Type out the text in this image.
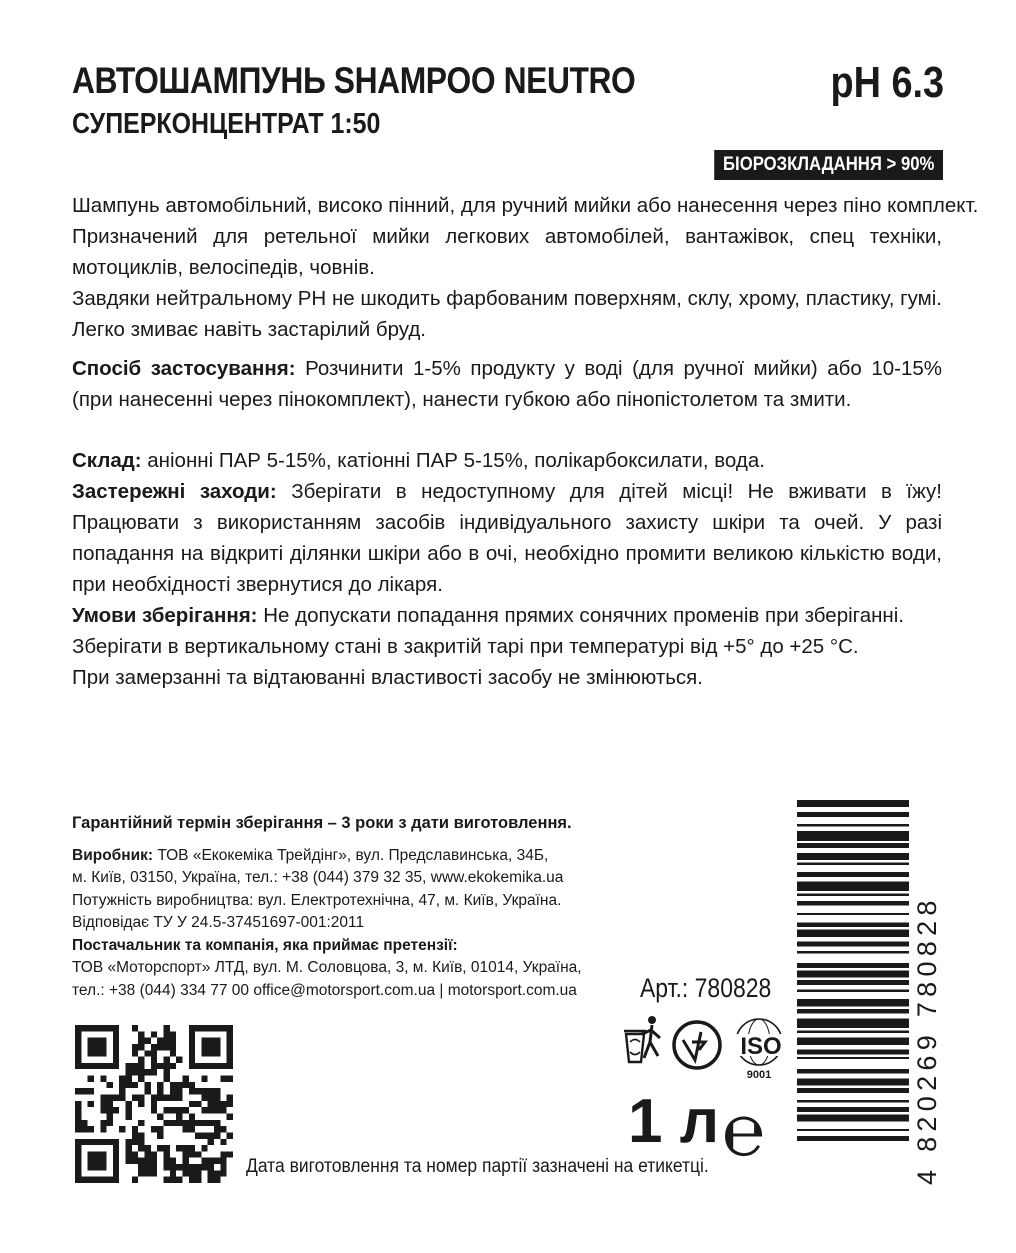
АВТОШАМПУНЬ SHAMPOO NEUTRO
СУПЕРКОНЦЕНТРАТ 1:50
pH 6.3
БІОРОЗКЛАДАННЯ > 90%

Шампунь автомобільний, високо пінний, для ручний мийки або нанесення через піно комплект.

Призначений для ретельної мийки легкових автомобілей, вантажівок, спец техніки, мотоциклів, велосіпедів, човнів.

Завдяки нейтральному PH не шкодить фарбованим поверхням, склу, хрому, пластику, гумі. Легко змиває навіть застарілий бруд.

Спосіб застосування: Розчинити 1-5% продукту у воді (для ручної мийки) або 10-15% (при нанесенні через пінокомплект), нанести губкою або пінопістолетом та змити.

Склад: аніонні ПАР 5-15%, катіонні ПАР 5-15%, полікарбоксилати, вода.

Застережні заходи: Зберігати в недоступному для дітей місці! Не вживати в їжу! Працювати з використанням засобів індивідуального захисту шкіри та очей. У разі попадання на відкриті ділянки шкіри або в очі, необхідно промити великою кількістю води, при необхідності звернутися до лікаря.

Умови зберігання: Не допускати попадання прямих сонячних променів при зберіганні.

Зберігати в вертикальному стані в закритій тарі при температурі від +5° до +25 °C.

При замерзанні та відтаюванні властивості засобу не змінюються.

Гарантійний термін зберігання – 3 роки з дати виготовлення.

Виробник: ТОВ «Екокеміка Трейдінг», вул. Предславинська, 34Б,

м. Київ, 03150, Україна, тел.: +38 (044) 379 32 35, www.ekokemika.ua

Потужність виробництва: вул. Електротехнічна, 47, м. Київ, Україна.

Відповідає ТУ У 24.5-37451697-001:2011

Постачальник та компанія, яка приймає претензії:

ТОВ «Моторспорт» ЛТД, вул. М. Соловцова, 3, м. Київ, 01014, Україна,

тел.: +38 (044) 334 77 00 office@motorsport.com.ua | motorsport.com.ua	Арт.: 780828
ISO
9001
1 л ℮
Дата виготовлення та номер партії зазначені на етикетці.	4 820269 780828
